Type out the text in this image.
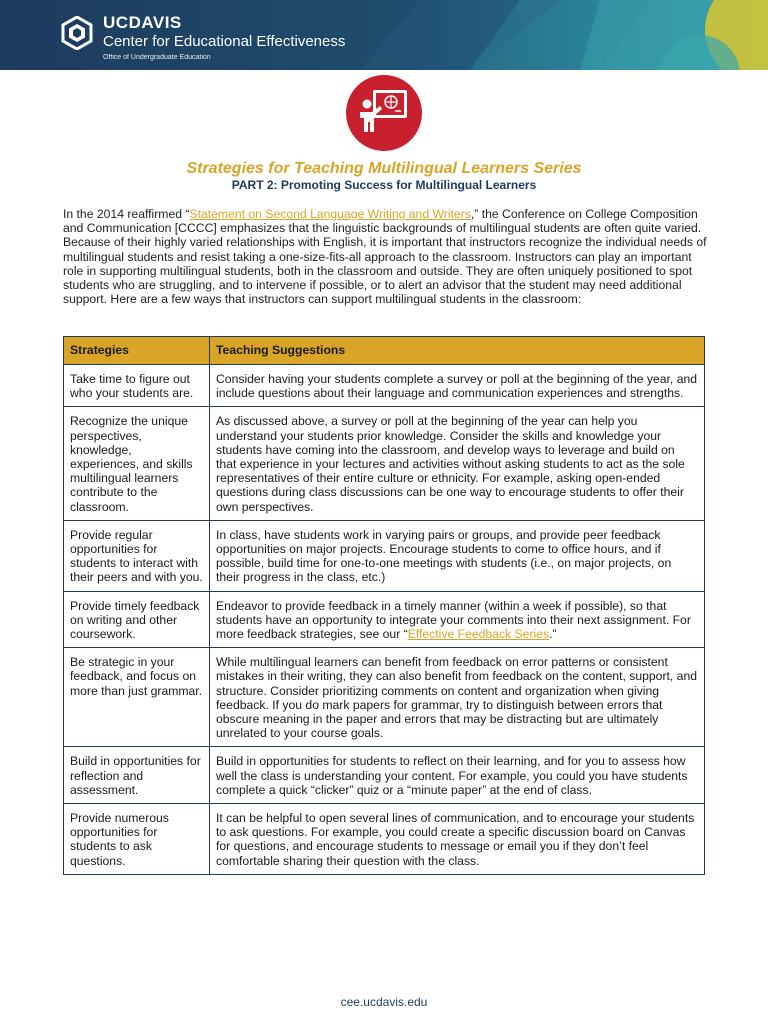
UCDAVIS
Center for Educational Effectiveness
Office of Undergraduate Education
Strategies for Teaching Multilingual Learners Series
PART 2: Promoting Success for Multilingual Learners

In the 2014 reaffirmed “Statement on Second Language Writing and Writers,” the Conference on College Composition and Communication [CCCC] emphasizes that the linguistic backgrounds of multilingual students are often quite varied. Because of their highly varied relationships with English, it is important that instructors recognize the individual needs of multilingual students and resist taking a one-size-fits-all approach to the classroom. Instructors can play an important role in supporting multilingual students, both in the classroom and outside. They are often uniquely positioned to spot students who are struggling, and to intervene if possible, or to alert an advisor that the student may need additional support. Here are a few ways that instructors can support multilingual students in the classroom:

Strategies	Teaching Suggestions
Take time to figure out who your students are.	Consider having your students complete a survey or poll at the beginning of the year, and include questions about their language and communication experiences and strengths.
Recognize the unique perspectives, knowledge, experiences, and skills multilingual learners contribute to the classroom.	As discussed above, a survey or poll at the beginning of the year can help you understand your students prior knowledge. Consider the skills and knowledge your students have coming into the classroom, and develop ways to leverage and build on that experience in your lectures and activities without asking students to act as the sole representatives of their entire culture or ethnicity. For example, asking open-ended questions during class discussions can be one way to encourage students to offer their own perspectives.
Provide regular opportunities for students to interact with their peers and with you.	In class, have students work in varying pairs or groups, and provide peer feedback opportunities on major projects. Encourage students to come to office hours, and if possible, build time for one-to-one meetings with students (i.e., on major projects, on their progress in the class, etc.)
Provide timely feedback on writing and other coursework.	Endeavor to provide feedback in a timely manner (within a week if possible), so that students have an opportunity to integrate your comments into their next assignment. For more feedback strategies, see our “Effective Feedback Series.”
Be strategic in your feedback, and focus on more than just grammar.	While multilingual learners can benefit from feedback on error patterns or consistent mistakes in their writing, they can also benefit from feedback on the content, support, and structure. Consider prioritizing comments on content and organization when giving feedback. If you do mark papers for grammar, try to distinguish between errors that obscure meaning in the paper and errors that may be distracting but are ultimately unrelated to your course goals.
Build in opportunities for reflection and assessment.	Build in opportunities for students to reflect on their learning, and for you to assess how well the class is understanding your content. For example, you could you have students complete a quick “clicker” quiz or a “minute paper” at the end of class.
Provide numerous opportunities for students to ask questions.	It can be helpful to open several lines of communication, and to encourage your students to ask questions. For example, you could create a specific discussion board on Canvas for questions, and encourage students to message or email you if they don’t feel comfortable sharing their question with the class.
cee.ucdavis.edu
